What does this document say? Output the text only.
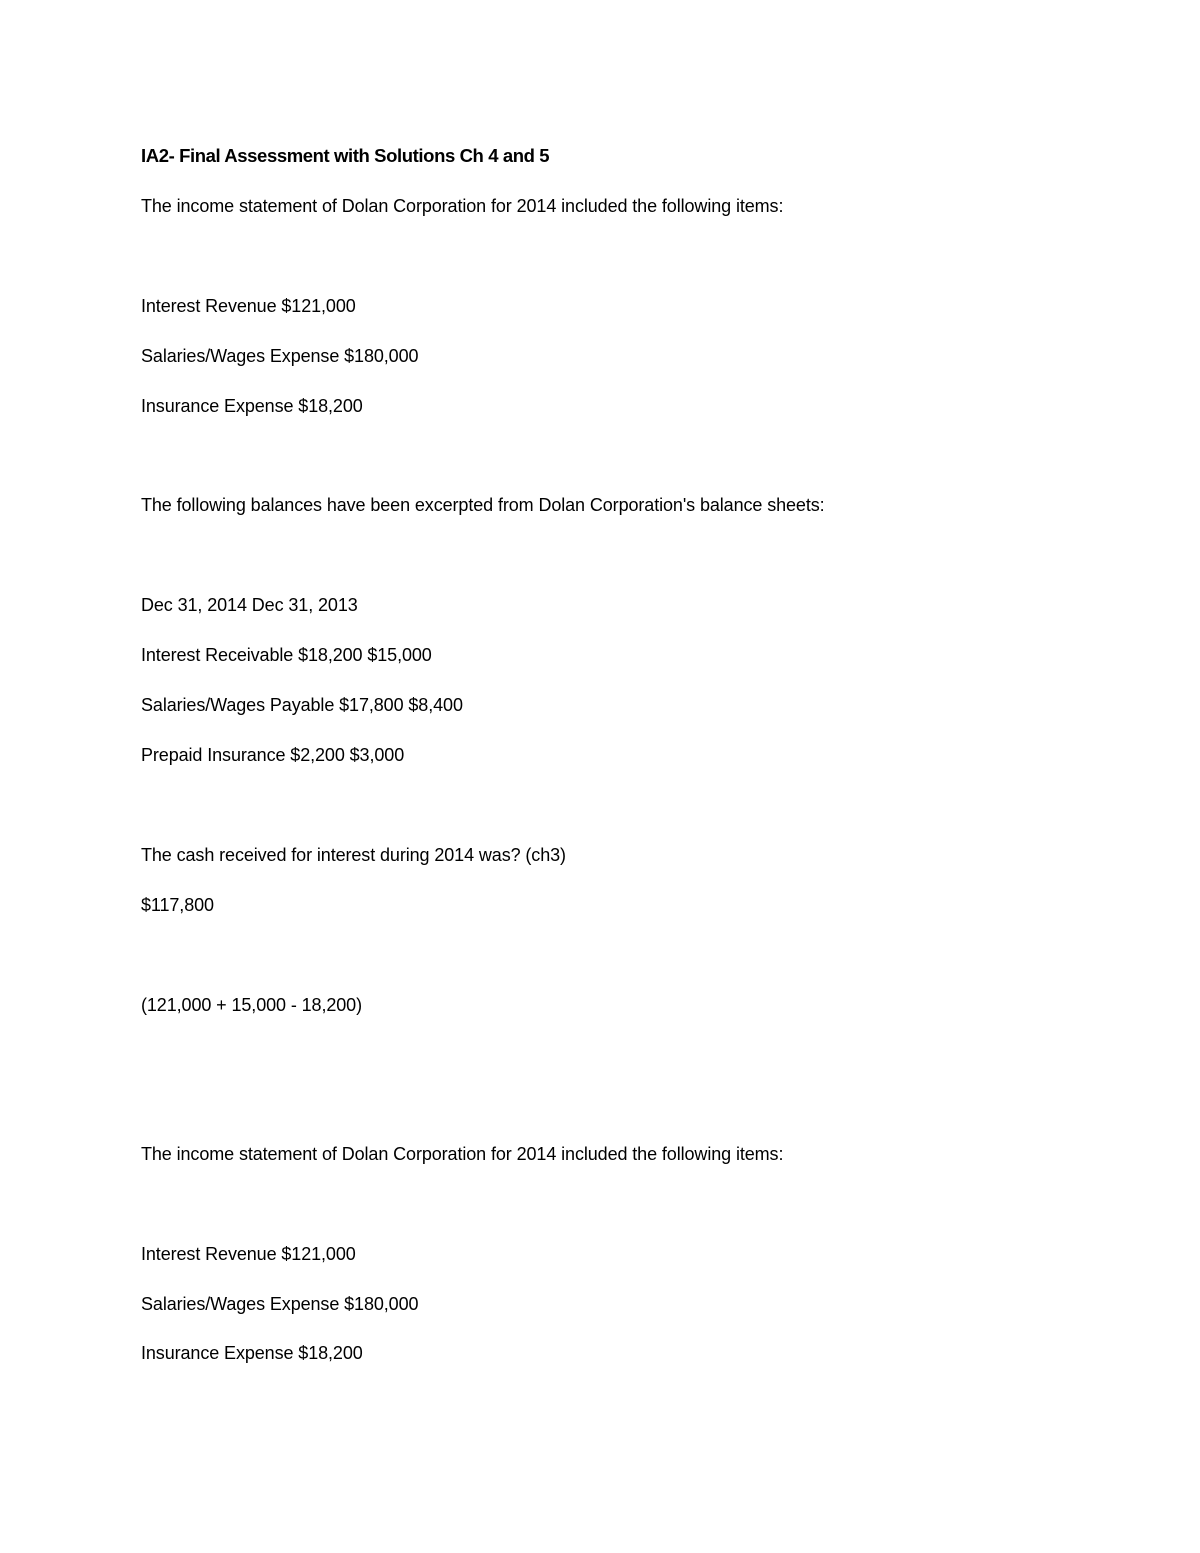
IA2- Final Assessment with Solutions Ch 4 and 5
The income statement of Dolan Corporation for 2014 included the following items:
Interest Revenue $121,000
Salaries/Wages Expense $180,000
Insurance Expense $18,200
The following balances have been excerpted from Dolan Corporation's balance sheets:
Dec 31, 2014 Dec 31, 2013
Interest Receivable $18,200 $15,000
Salaries/Wages Payable $17,800 $8,400
Prepaid Insurance $2,200 $3,000
The cash received for interest during 2014 was? (ch3)
$117,800
(121,000 + 15,000 - 18,200)
The income statement of Dolan Corporation for 2014 included the following items:
Interest Revenue $121,000
Salaries/Wages Expense $180,000
Insurance Expense $18,200
